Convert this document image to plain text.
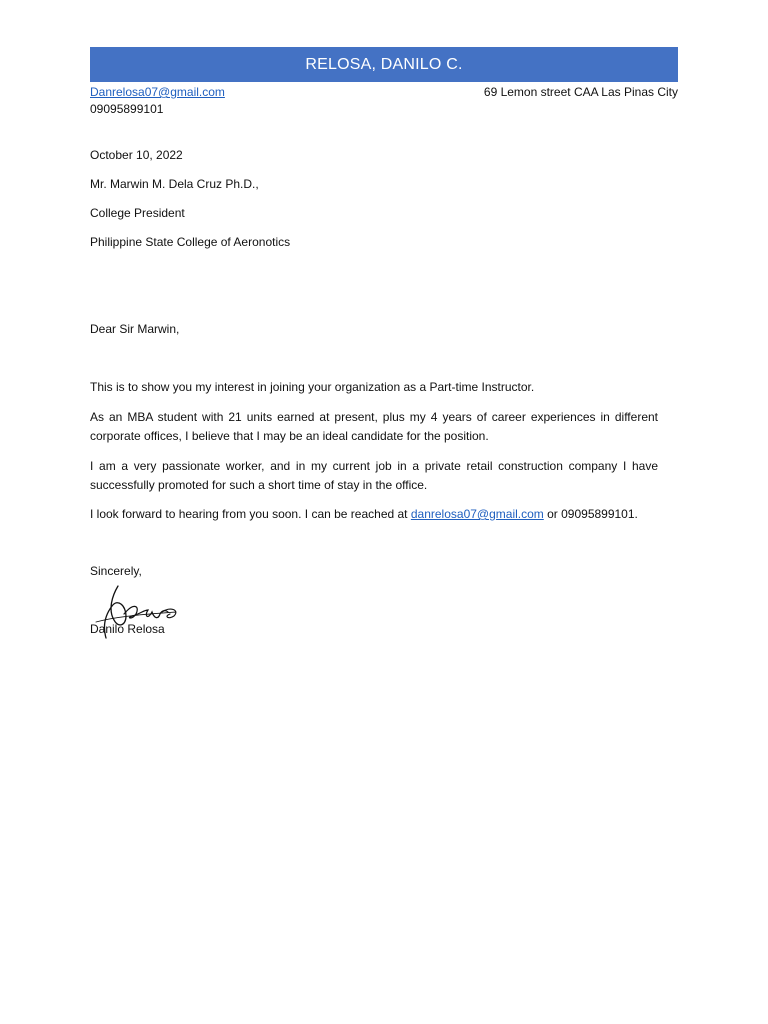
RELOSA, DANILO C.
Danrelosa07@gmail.com
09095899101
69 Lemon street CAA Las Pinas City
October 10, 2022
Mr. Marwin M. Dela Cruz Ph.D.,
College President
Philippine State College of Aeronotics
Dear Sir Marwin,
This is to show you my interest in joining your organization as a Part-time Instructor.
As an MBA student with 21 units earned at present, plus my 4 years of career experiences in different corporate offices, I believe that I may be an ideal candidate for the position.
I am a very passionate worker, and in my current job in a private retail construction company I have successfully promoted for such a short time of stay in the office.
I look forward to hearing from you soon. I can be reached at danrelosa07@gmail.com or 09095899101.
Sincerely,
Danilo Relosa
